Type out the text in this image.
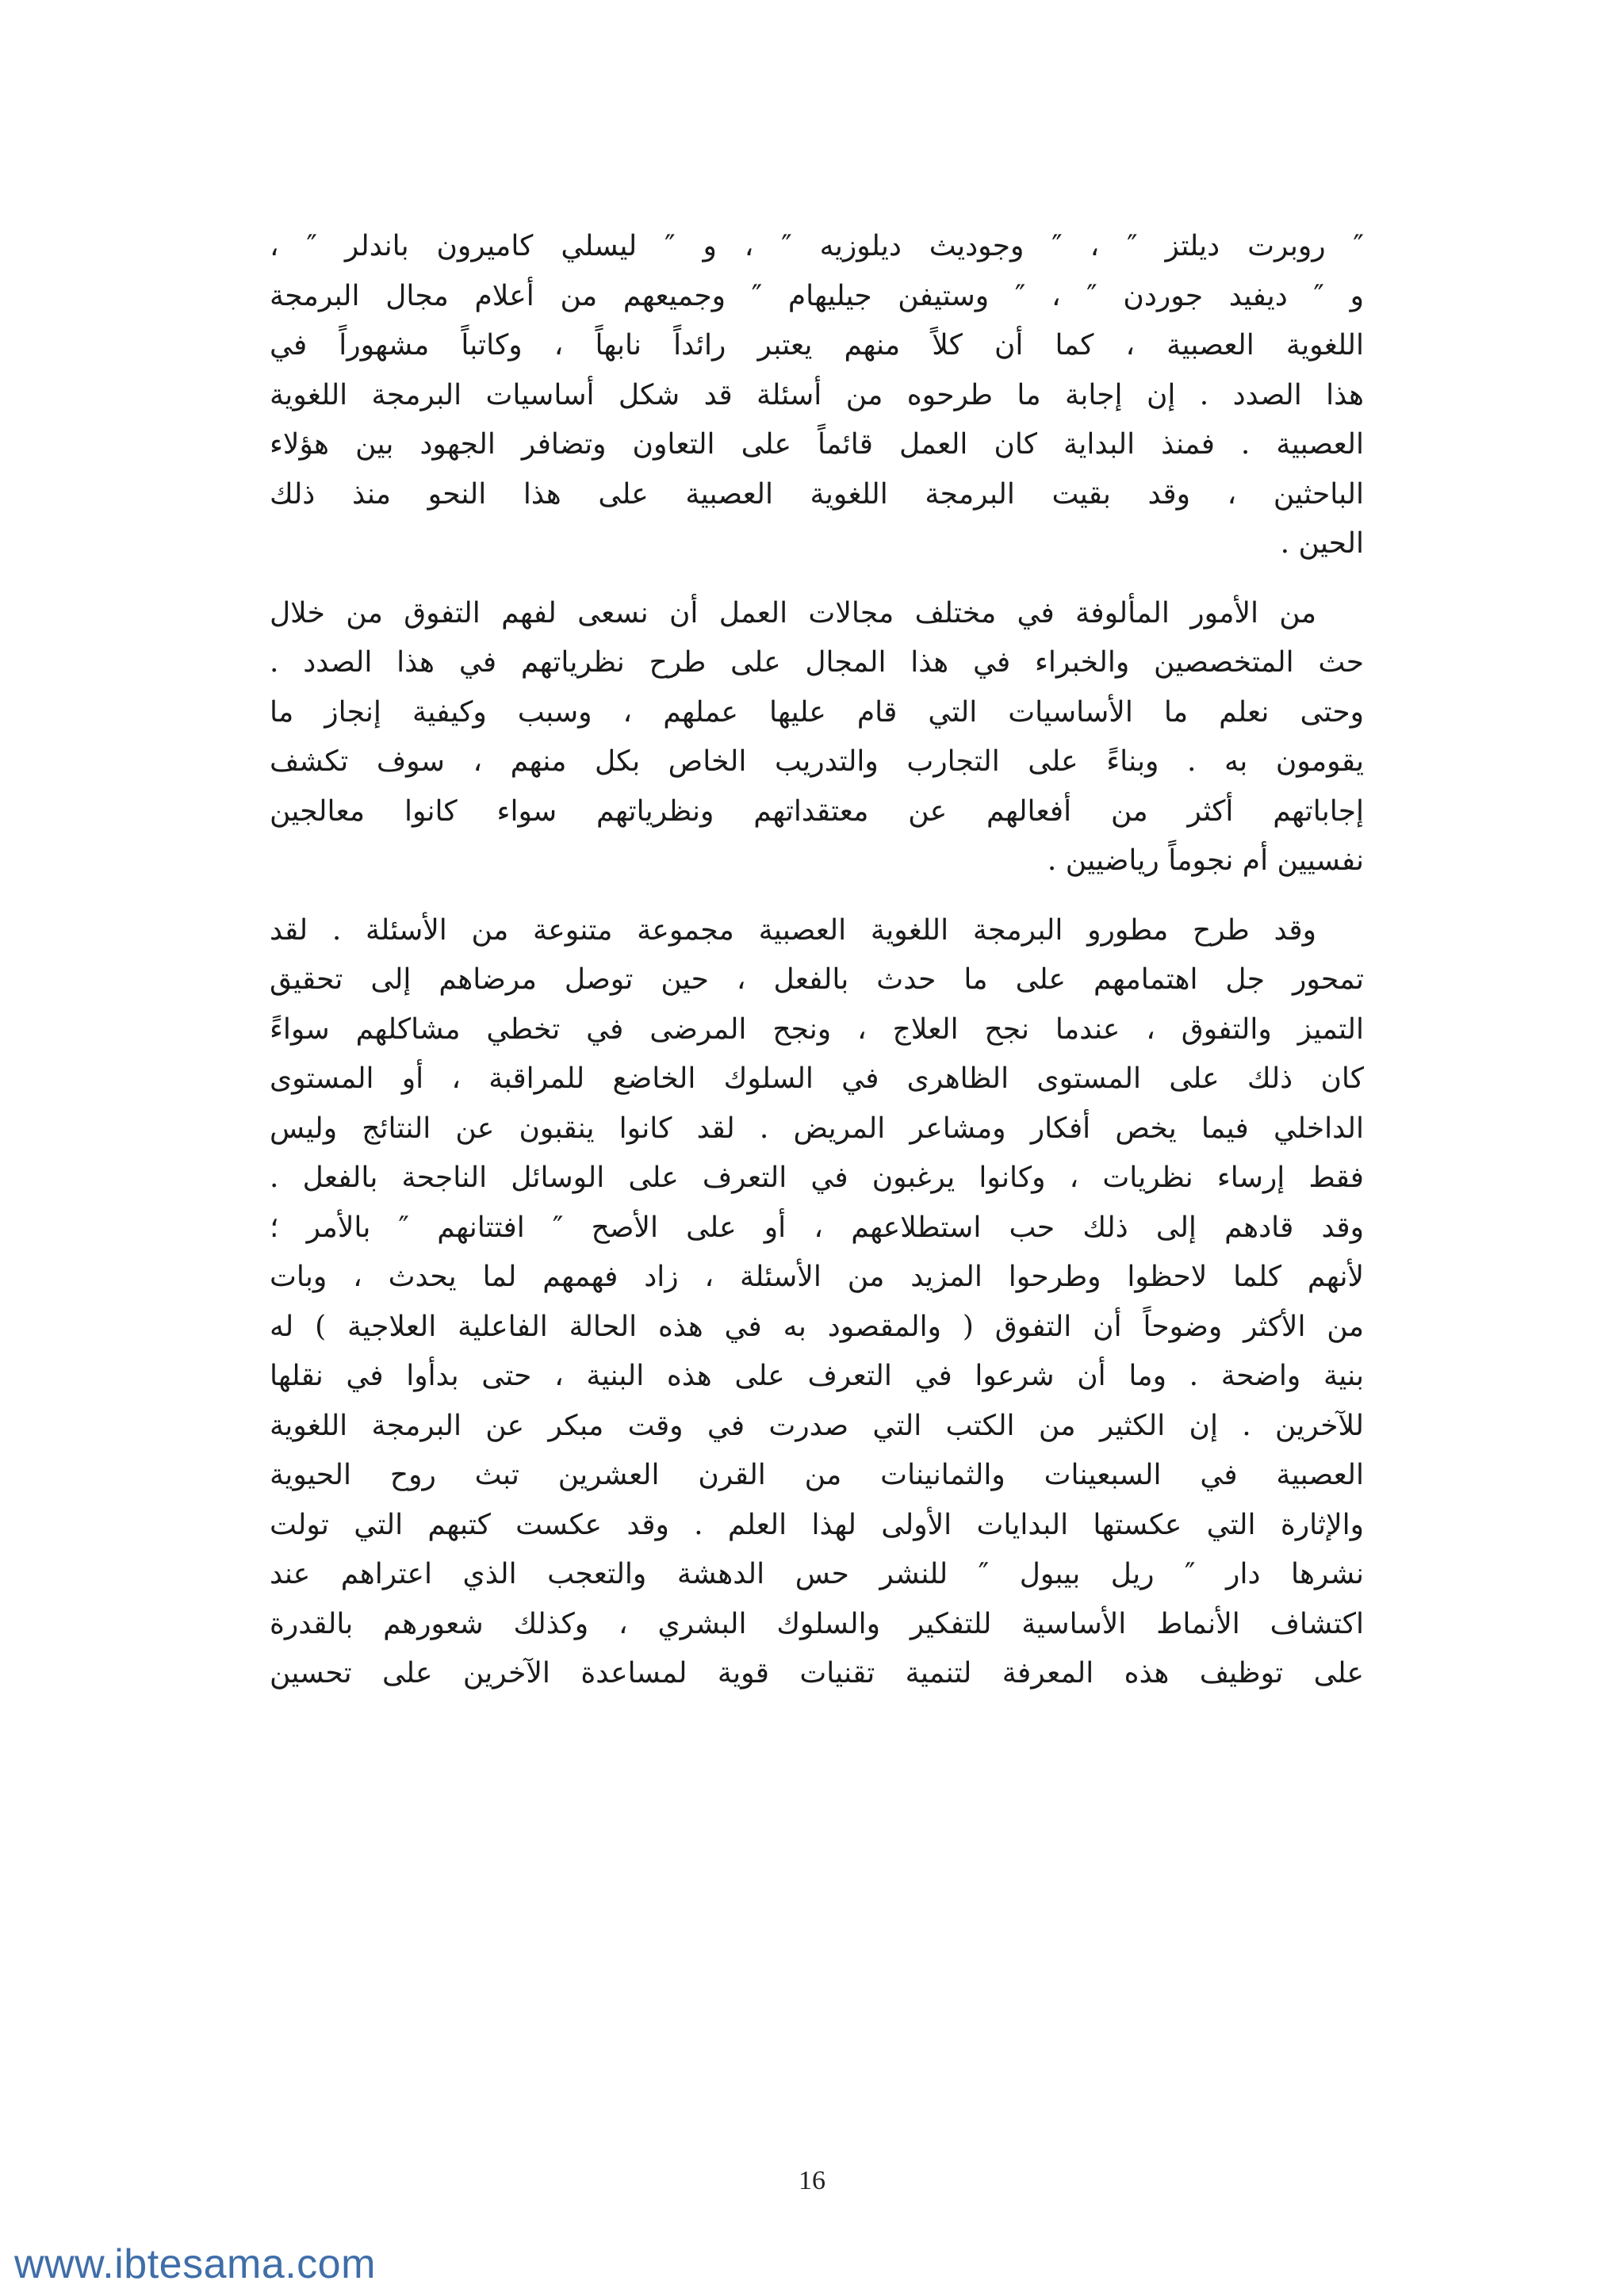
″ روبرت ديلتز ″ ، ″ وجوديث ديلوزيه ″ ، و ″ ليسلي كاميرون باندلر ″ ،
و ″ ديفيد جوردن ″ ، ″ وستيفن جيليهام ″ وجميعهم من أعلام مجال البرمجة
اللغوية العصبية ، كما أن كلاً منهم يعتبر رائداً نابهاً ، وكاتباً مشهوراً في
هذا الصدد . إن إجابة ما طرحوه من أسئلة قد شكل أساسيات البرمجة اللغوية
العصبية . فمنذ البداية كان العمل قائماً على التعاون وتضافر الجهود بين هؤلاء
الباحثين ، وقد بقيت البرمجة اللغوية العصبية على هذا النحو منذ ذلك
الحين .
من الأمور المألوفة في مختلف مجالات العمل أن نسعى لفهم التفوق من خلال
حث المتخصصين والخبراء في هذا المجال على طرح نظرياتهم في هذا الصدد .
وحتى نعلم ما الأساسيات التي قام عليها عملهم ، وسبب وكيفية إنجاز ما
يقومون به . وبناءً على التجارب والتدريب الخاص بكل منهم ، سوف تكشف
إجاباتهم أكثر من أفعالهم عن معتقداتهم ونظرياتهم سواء كانوا معالجين
نفسيين أم نجوماً رياضيين .
وقد طرح مطورو البرمجة اللغوية العصبية مجموعة متنوعة من الأسئلة . لقد
تمحور جل اهتمامهم على ما حدث بالفعل ، حين توصل مرضاهم إلى تحقيق
التميز والتفوق ، عندما نجح العلاج ، ونجح المرضى في تخطي مشاكلهم سواءً
كان ذلك على المستوى الظاهرى في السلوك الخاضع للمراقبة ، أو المستوى
الداخلي فيما يخص أفكار ومشاعر المريض . لقد كانوا ينقبون عن النتائج وليس
فقط إرساء نظريات ، وكانوا يرغبون في التعرف على الوسائل الناجحة بالفعل .
وقد قادهم إلى ذلك حب استطلاعهم ، أو على الأصح ″ افتتانهم ″ بالأمر ؛
لأنهم كلما لاحظوا وطرحوا المزيد من الأسئلة ، زاد فهمهم لما يحدث ، وبات
من الأكثر وضوحاً أن التفوق ( والمقصود به في هذه الحالة الفاعلية العلاجية ) له
بنية واضحة . وما أن شرعوا في التعرف على هذه البنية ، حتى بدأوا في نقلها
للآخرين . إن الكثير من الكتب التي صدرت في وقت مبكر عن البرمجة اللغوية
العصبية في السبعينات والثمانينات من القرن العشرين تبث روح الحيوية
والإثارة التي عكستها البدايات الأولى لهذا العلم . وقد عكست كتبهم التي تولت
نشرها دار ″ ريل بيبول ″ للنشر حس الدهشة والتعجب الذي اعتراهم عند
اكتشاف الأنماط الأساسية للتفكير والسلوك البشري ، وكذلك شعورهم بالقدرة
على توظيف هذه المعرفة لتنمية تقنيات قوية لمساعدة الآخرين على تحسين
16
www.ibtesama.com
